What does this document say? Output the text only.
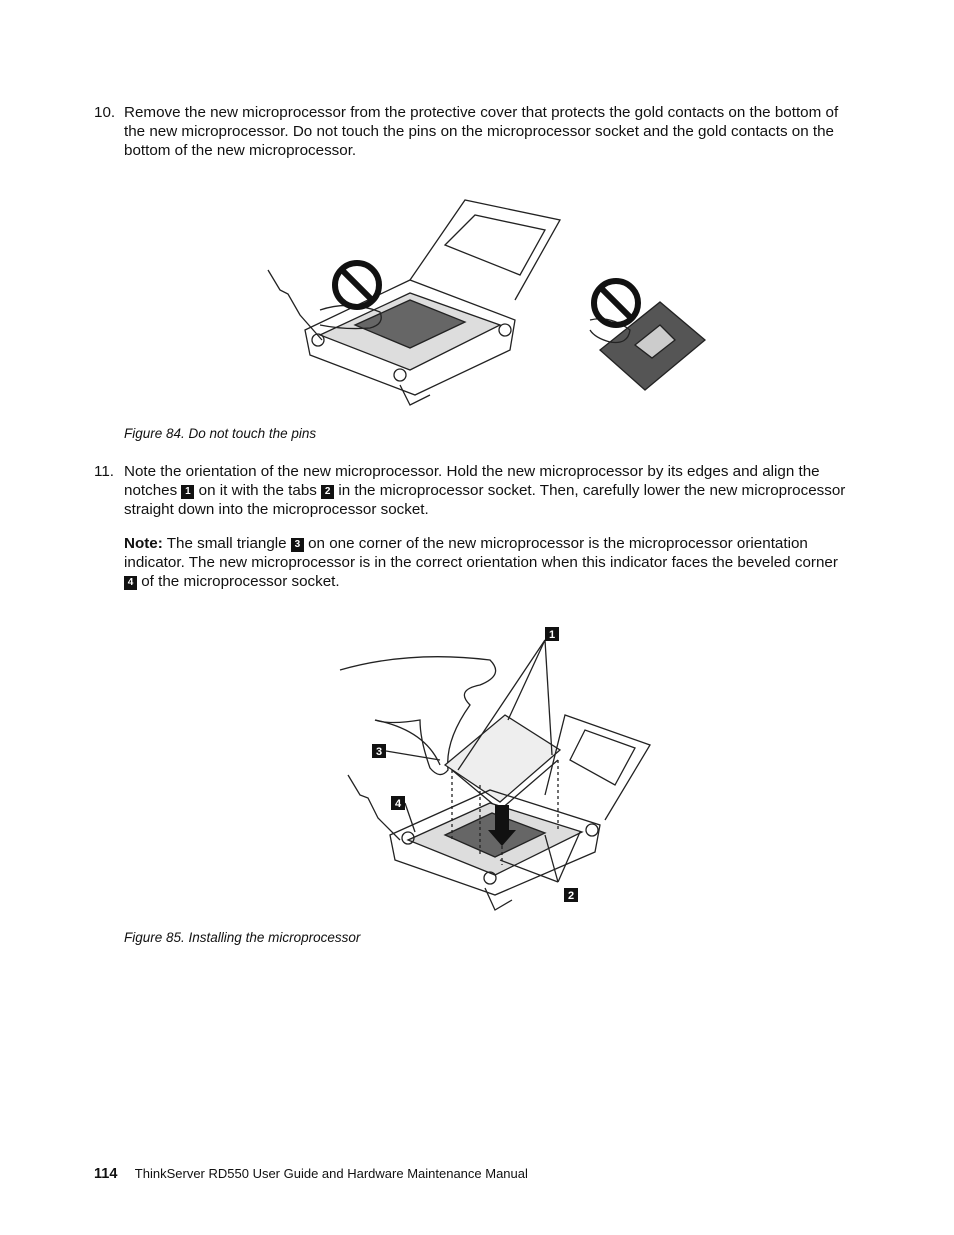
10. Remove the new microprocessor from the protective cover that protects the gold contacts on the bottom of the new microprocessor. Do not touch the pins on the microprocessor socket and the gold contacts on the bottom of the new microprocessor.
Figure 84. Do not touch the pins
11. Note the orientation of the new microprocessor. Hold the new microprocessor by its edges and align the notches 1 on it with the tabs 2 in the microprocessor socket. Then, carefully lower the new microprocessor straight down into the microprocessor socket.
Note: The small triangle 3 on one corner of the new microprocessor is the microprocessor orientation indicator. The new microprocessor is in the correct orientation when this indicator faces the beveled corner 4 of the microprocessor socket.
1
2
3
4
Figure 85. Installing the microprocessor
114 ThinkServer RD550 User Guide and Hardware Maintenance Manual
